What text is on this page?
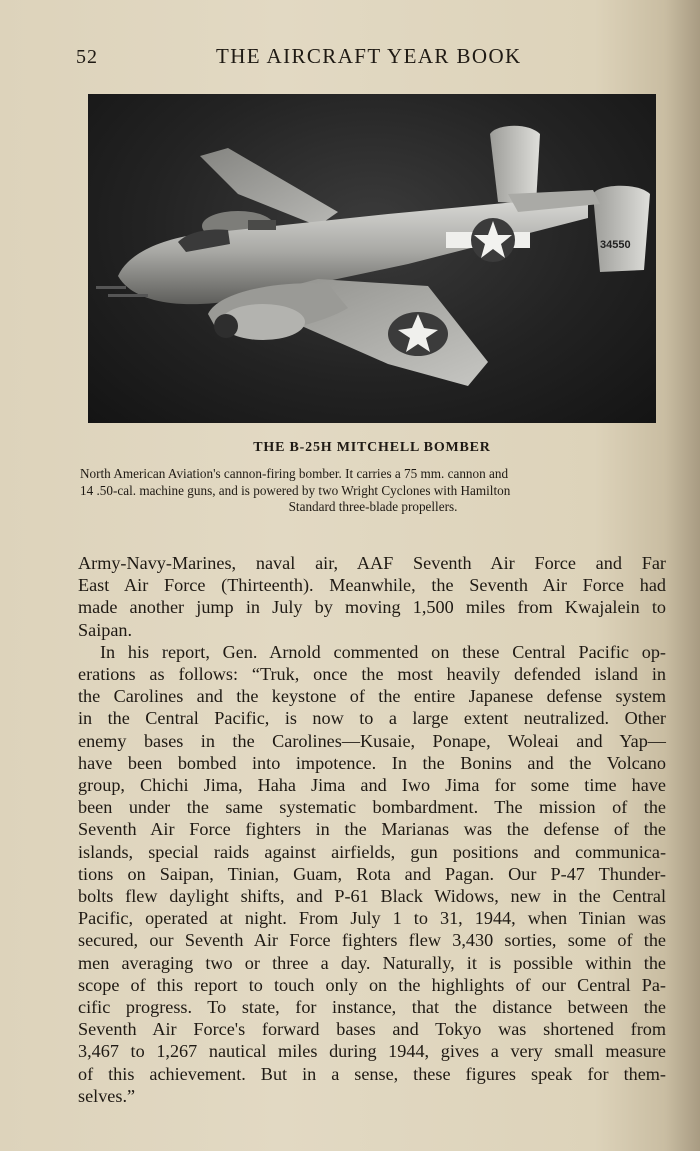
52	THE AIRCRAFT YEAR BOOK
34550
THE B-25H MITCHELL BOMBER
North American Aviation's cannon-firing bomber. It carries a 75 mm. cannon and
14 .50-cal. machine guns, and is powered by two Wright Cyclones with Hamilton
Standard three-blade propellers.
Army-Navy-Marines, naval air, AAF Seventh Air Force and Far
East Air Force (Thirteenth). Meanwhile, the Seventh Air Force had
made another jump in July by moving 1,500 miles from Kwajalein to
Saipan.
In his report, Gen. Arnold commented on these Central Pacific op-
erations as follows: “Truk, once the most heavily defended island in
the Carolines and the keystone of the entire Japanese defense system
in the Central Pacific, is now to a large extent neutralized. Other
enemy bases in the Carolines—Kusaie, Ponape, Woleai and Yap—
have been bombed into impotence. In the Bonins and the Volcano
group, Chichi Jima, Haha Jima and Iwo Jima for some time have
been under the same systematic bombardment. The mission of the
Seventh Air Force fighters in the Marianas was the defense of the
islands, special raids against airfields, gun positions and communica-
tions on Saipan, Tinian, Guam, Rota and Pagan. Our P-47 Thunder-
bolts flew daylight shifts, and P-61 Black Widows, new in the Central
Pacific, operated at night. From July 1 to 31, 1944, when Tinian was
secured, our Seventh Air Force fighters flew 3,430 sorties, some of the
men averaging two or three a day. Naturally, it is possible within the
scope of this report to touch only on the highlights of our Central Pa-
cific progress. To state, for instance, that the distance between the
Seventh Air Force's forward bases and Tokyo was shortened from
3,467 to 1,267 nautical miles during 1944, gives a very small measure
of this achievement. But in a sense, these figures speak for them-
selves.”
